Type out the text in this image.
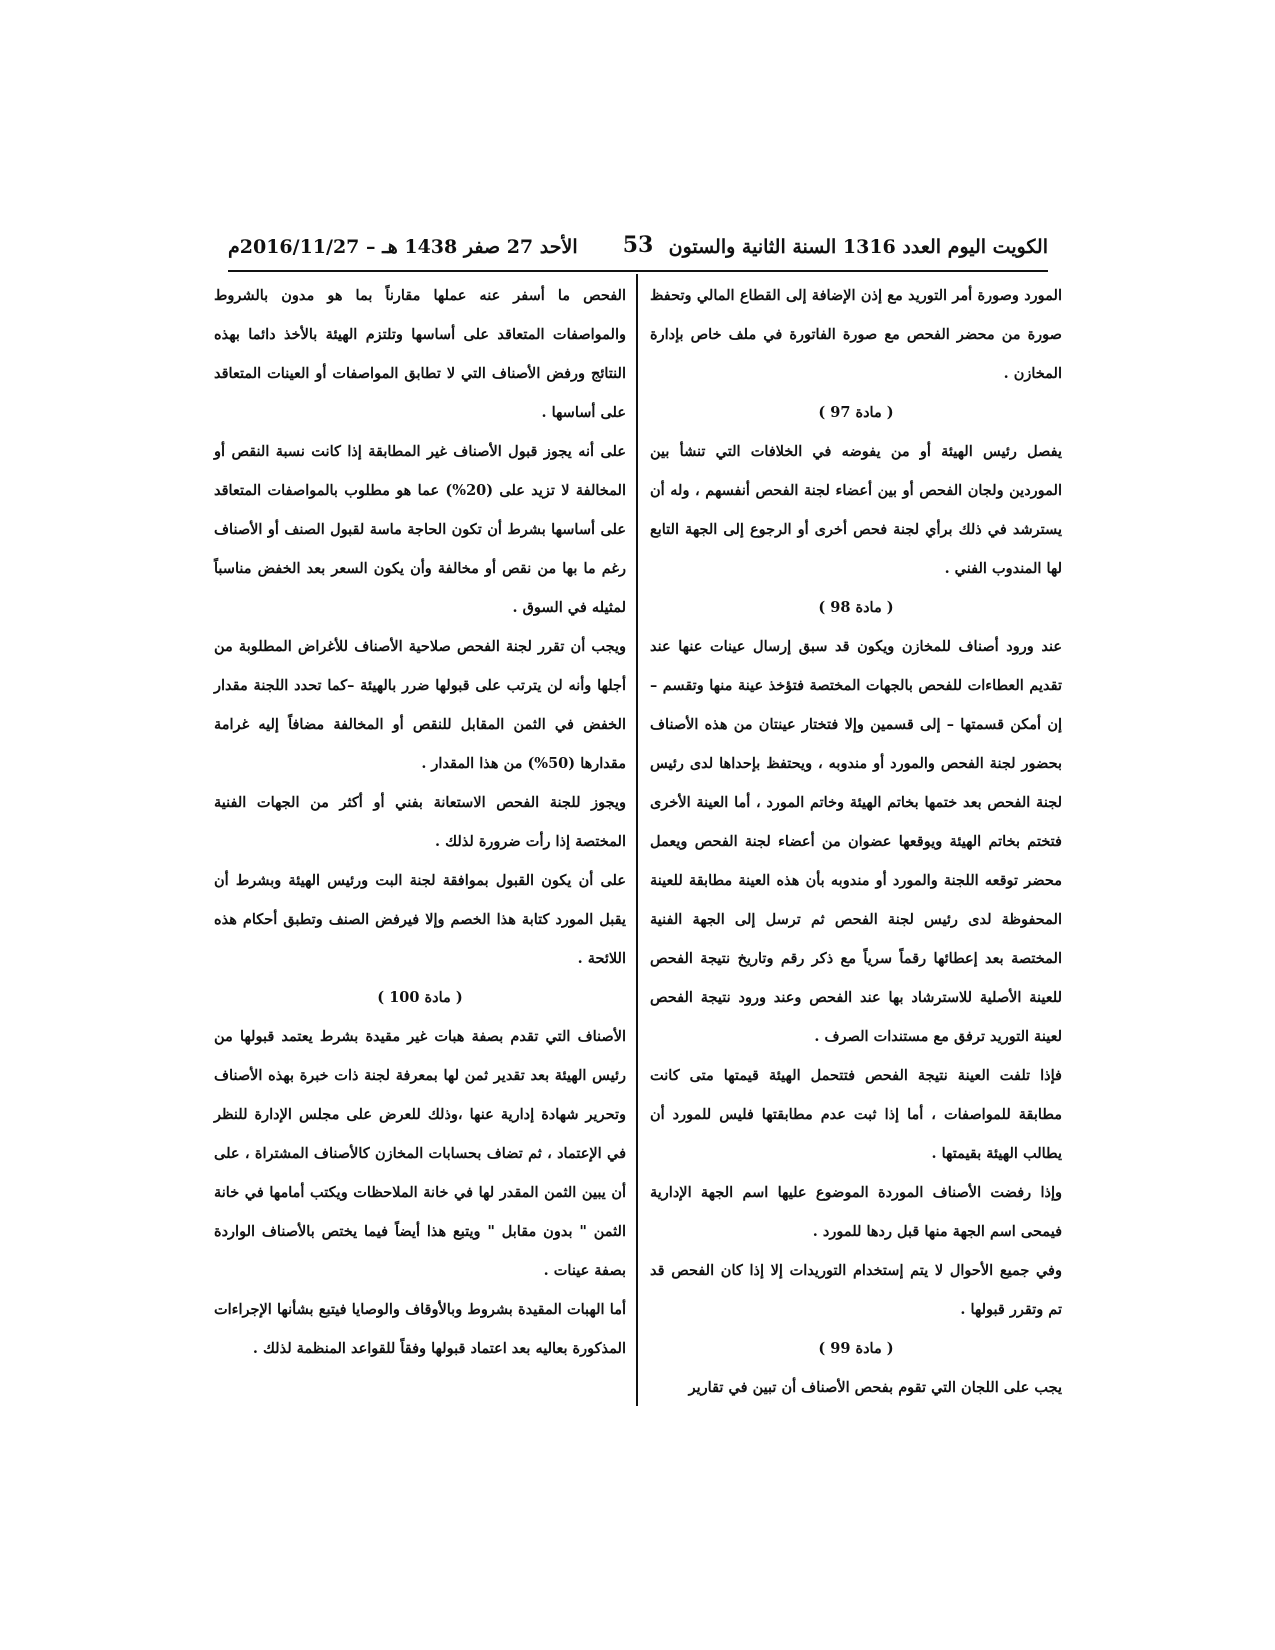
الكويت اليوم العدد 1316 السنة الثانية والستون
53
الأحد 27 صفر 1438 هـ – 2016/11/27م

المورد وصورة أمر التوريد مع إذن الإضافة إلى القطاع المالي وتحفظ صورة من محضر الفحص مع صورة الفاتورة في ملف خاص بإدارة المخازن .

( مادة 97 )

يفصل رئيس الهيئة أو من يفوضه في الخلافات التي تنشأ بين الموردين ولجان الفحص أو بين أعضاء لجنة الفحص أنفسهم ، وله أن يسترشد في ذلك برأي لجنة فحص أخرى أو الرجوع إلى الجهة التابع لها المندوب الفني .

( مادة 98 )

عند ورود أصناف للمخازن ويكون قد سبق إرسال عينات عنها عند تقديم العطاءات للفحص بالجهات المختصة فتؤخذ عينة منها وتقسم – إن أمكن قسمتها – إلى قسمين وإلا فتختار عينتان من هذه الأصناف بحضور لجنة الفحص والمورد أو مندوبه ، ويحتفظ بإحداها لدى رئيس لجنة الفحص بعد ختمها بخاتم الهيئة وخاتم المورد ، أما العينة الأخرى فتختم بخاتم الهيئة ويوقعها عضوان من أعضاء لجنة الفحص ويعمل محضر توقعه اللجنة والمورد أو مندوبه بأن هذه العينة مطابقة للعينة المحفوظة لدى رئيس لجنة الفحص ثم ترسل إلى الجهة الفنية المختصة بعد إعطائها رقماً سرياً مع ذكر رقم وتاريخ نتيجة الفحص للعينة الأصلية للاسترشاد بها عند الفحص وعند ورود نتيجة الفحص لعينة التوريد ترفق مع مستندات الصرف .

فإذا تلفت العينة نتيجة الفحص فتتحمل الهيئة قيمتها متى كانت مطابقة للمواصفات ، أما إذا ثبت عدم مطابقتها فليس للمورد أن يطالب الهيئة بقيمتها .

وإذا رفضت الأصناف الموردة الموضوع عليها اسم الجهة الإدارية فيمحى اسم الجهة منها قبل ردها للمورد .

وفي جميع الأحوال لا يتم إستخدام التوريدات إلا إذا كان الفحص قد تم وتقرر قبولها .

( مادة 99 )

يجب على اللجان التي تقوم بفحص الأصناف أن تبين في تقارير

الفحص ما أسفر عنه عملها مقارناً بما هو مدون بالشروط والمواصفات المتعاقد على أساسها وتلتزم الهيئة بالأخذ دائما بهذه النتائج ورفض الأصناف التي لا تطابق المواصفات أو العينات المتعاقد على أساسها .

على أنه يجوز قبول الأصناف غير المطابقة إذا كانت نسبة النقص أو المخالفة لا تزيد على (20%) عما هو مطلوب بالمواصفات المتعاقد على أساسها بشرط أن تكون الحاجة ماسة لقبول الصنف أو الأصناف رغم ما بها من نقص أو مخالفة وأن يكون السعر بعد الخفض مناسباً لمثيله في السوق .

ويجب أن تقرر لجنة الفحص صلاحية الأصناف للأغراض المطلوبة من أجلها وأنه لن يترتب على قبولها ضرر بالهيئة –كما تحدد اللجنة مقدار الخفض في الثمن المقابل للنقص أو المخالفة مضافاً إليه غرامة مقدارها (50%) من هذا المقدار .

ويجوز للجنة الفحص الاستعانة بفني أو أكثر من الجهات الفنية المختصة إذا رأت ضرورة لذلك .

على أن يكون القبول بموافقة لجنة البت ورئيس الهيئة وبشرط أن يقبل المورد كتابة هذا الخصم وإلا فيرفض الصنف وتطبق أحكام هذه اللائحة .

( مادة 100 )

الأصناف التي تقدم بصفة هبات غير مقيدة بشرط يعتمد قبولها من رئيس الهيئة بعد تقدير ثمن لها بمعرفة لجنة ذات خبرة بهذه الأصناف وتحرير شهادة إدارية عنها ،وذلك للعرض على مجلس الإدارة للنظر في الإعتماد ، ثم تضاف بحسابات المخازن كالأصناف المشتراة ، على أن يبين الثمن المقدر لها في خانة الملاحظات ويكتب أمامها في خانة الثمن " بدون مقابل " ويتبع هذا أيضاً فيما يختص بالأصناف الواردة بصفة عينات .

أما الهبات المقيدة بشروط وبالأوقاف والوصايا فيتبع بشأنها الإجراءات المذكورة بعاليه بعد اعتماد قبولها وفقاً للقواعد المنظمة لذلك .
